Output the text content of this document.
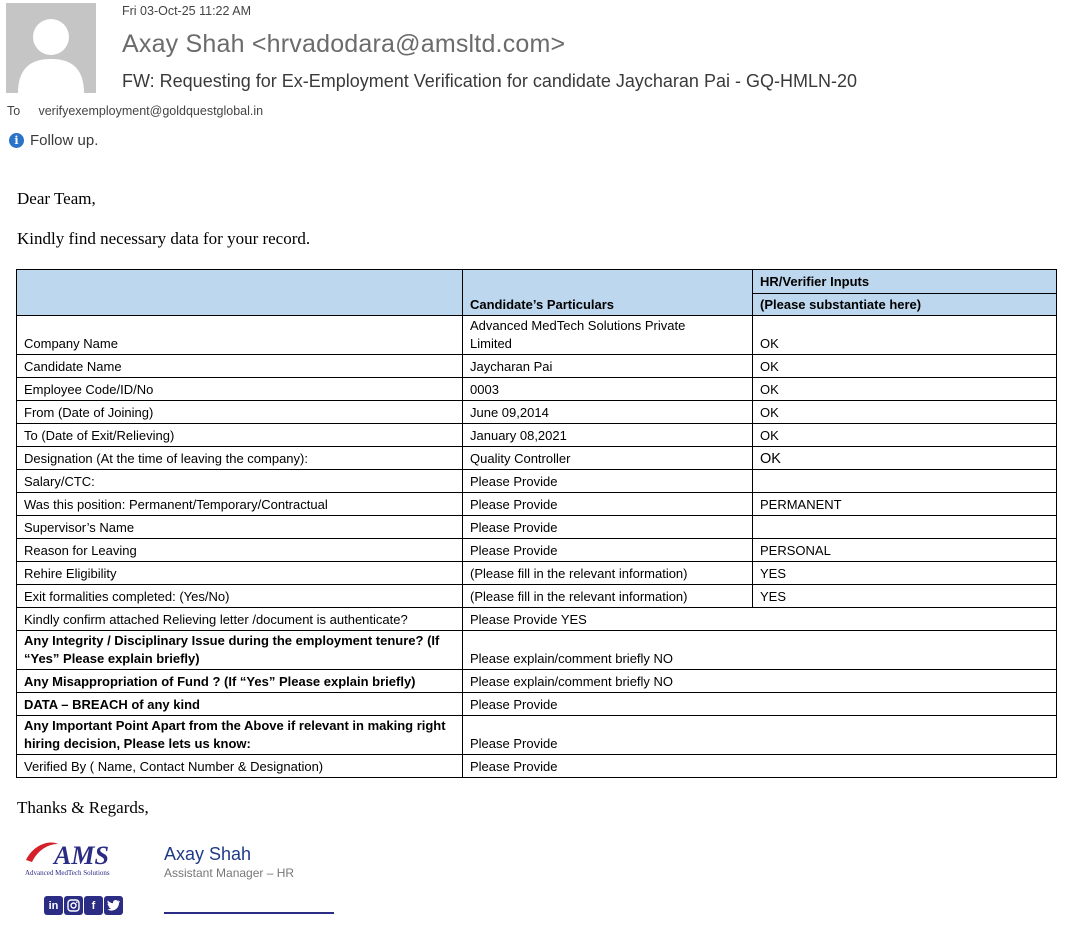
Fri 03-Oct-25 11:22 AM
Axay Shah <hrvadodara@amsltd.com>
FW: Requesting for Ex-Employment Verification for candidate Jaycharan Pai - GQ-HMLN-20
To verifyexemployment@goldquestglobal.in
i Follow up.
Dear Team,
Kindly find necessary data for your record.
	Candidate’s Particulars	HR/Verifier Inputs
(Please substantiate here)

Company Name	Advanced MedTech Solutions Private Limited	OK
Candidate Name	Jaycharan Pai	OK
Employee Code/ID/No	0003	OK
From (Date of Joining)	June 09,2014	OK
To (Date of Exit/Relieving)	January 08,2021	OK
Designation (At the time of leaving the company):	Quality Controller	OK
Salary/CTC:	Please Provide	
Was this position: Permanent/Temporary/Contractual	Please Provide	PERMANENT
Supervisor’s Name	Please Provide	
Reason for Leaving	Please Provide	PERSONAL
Rehire Eligibility	(Please fill in the relevant information)	YES
Exit formalities completed: (Yes/No)	(Please fill in the relevant information)	YES
Kindly confirm attached Relieving letter /document is authenticate?	Please Provide YES	
Any Integrity / Disciplinary Issue during the employment tenure? (If “Yes” Please explain briefly)	Please explain/comment briefly NO	
Any Misappropriation of Fund ? (If “Yes” Please explain briefly)	Please explain/comment briefly NO	
DATA – BREACH of any kind	Please Provide	
Any Important Point Apart from the Above if relevant in making right hiring decision, Please lets us know:	Please Provide	
Verified By ( Name, Contact Number & Designation)	Please Provide	
Thanks & Regards,
AMS
Advanced MedTech Solutions
Axay Shah
Assistant Manager – HR
in	f
